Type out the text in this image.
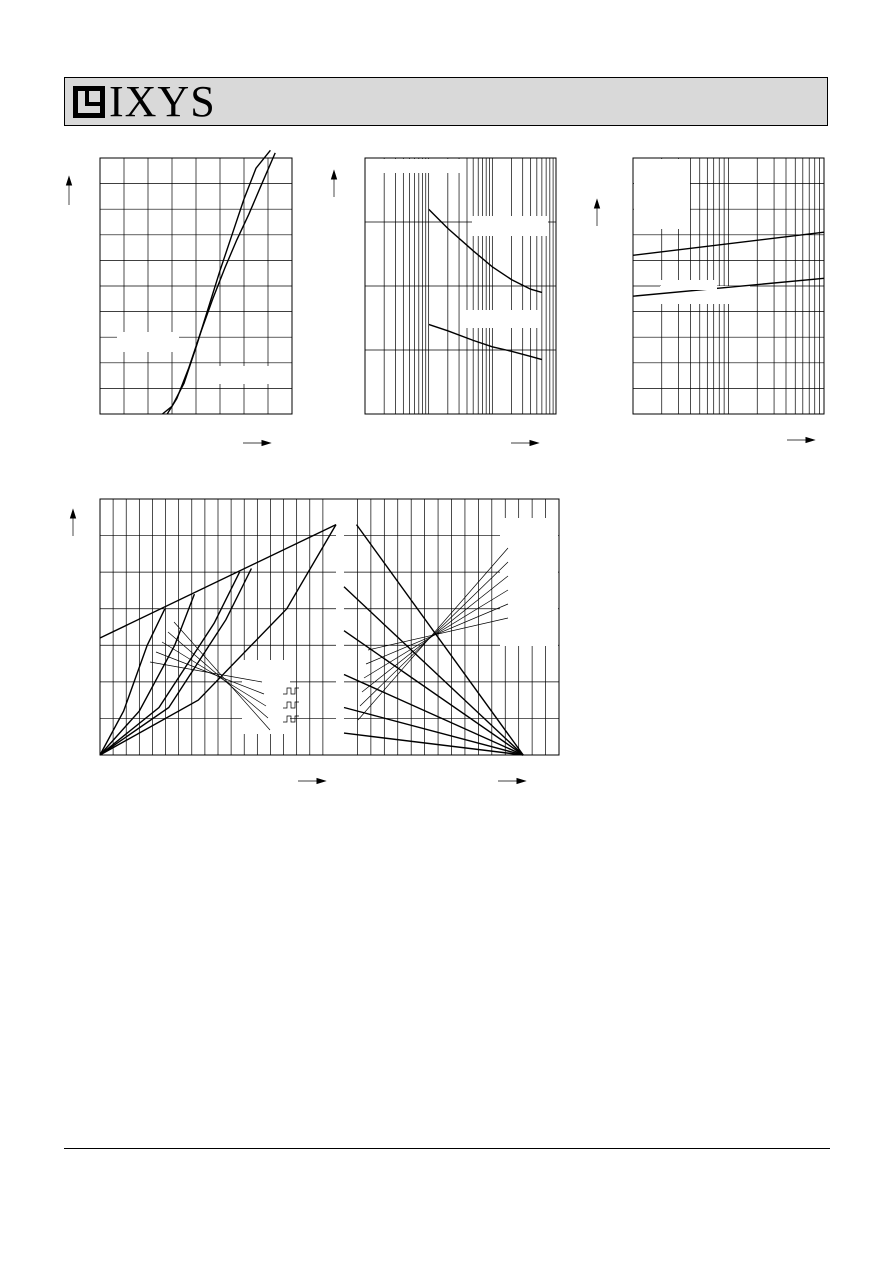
IXYS
